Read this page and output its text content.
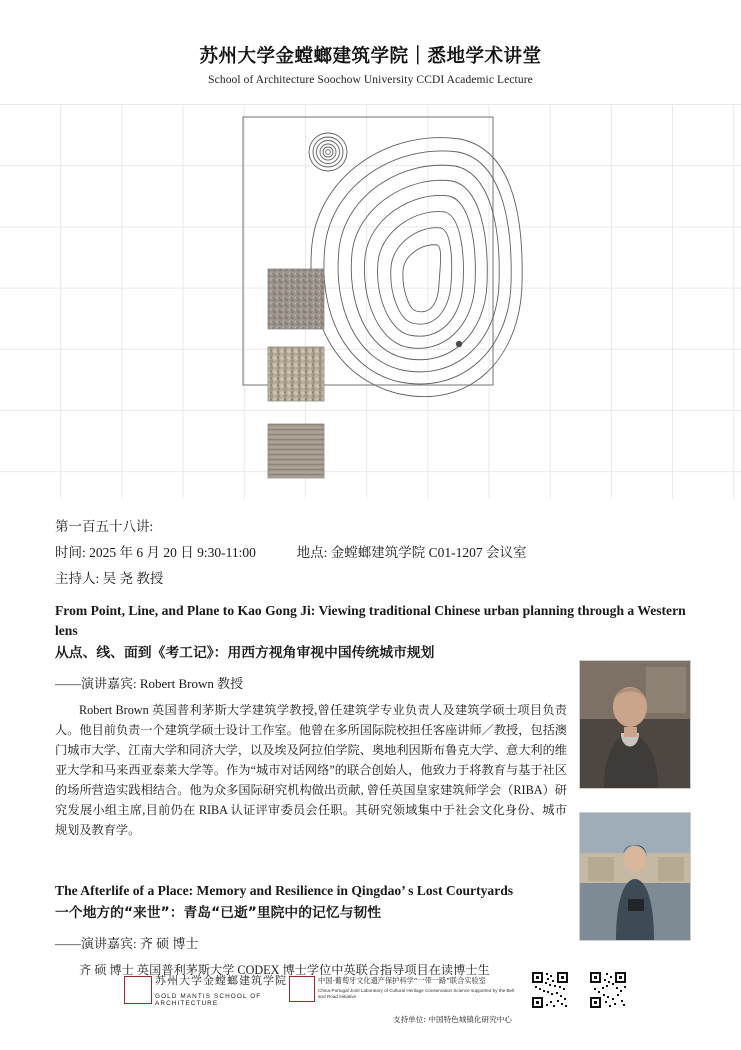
苏州大学金螳螂建筑学院｜悉地学术讲堂
School of Architecture Soochow University CCDI Academic Lecture
第一百五十八讲:
时间: 2025 年 6 月 20 日 9:30-11:00	地点: 金螳螂建筑学院 C01-1207 会议室
主持人: 吴 尧 教授
From Point, Line, and Plane to Kao Gong Ji: Viewing traditional Chinese urban planning through a Western lens
从点、线、面到《考工记》：用西方视角审视中国传统城市规划
——演讲嘉宾: Robert Brown 教授
Robert Brown 英国普利茅斯大学建筑学教授,曾任建筑学专业负责人及建筑学硕士项目负责人。他目前负责一个建筑学硕士设计工作室。他曾在多所国际院校担任客座讲师／教授，包括澳门城市大学、江南大学和同济大学，以及埃及阿拉伯学院、奥地利因斯布鲁克大学、意大利的维亚大学和马来西亚泰莱大学等。作为“城市对话网络”的联合创始人，他致力于将教育与基于社区的场所营造实践相结合。他为众多国际研究机构做出贡献, 曾任英国皇家建筑师学会（RIBA）研究发展小组主席,目前仍在 RIBA 认证评审委员会任职。其研究领域集中于社会文化身份、城市规划及教育学。
The Afterlife of a Place: Memory and Resilience in Qingdao’ s Lost Courtyards
一个地方的“来世”：青岛“已逝”里院中的记忆与韧性
——演讲嘉宾: 齐 硕 博士
齐 硕 博士 英国普利茅斯大学 CODEX 博士学位中英联合指导项目在读博士生
苏州大学金螳螂建筑学院
GOLD MANTIS SCHOOL OF ARCHITECTURE
中国·葡萄牙文化遗产保护科学“一带一路”联合实验室
China-Portugal Joint Laboratory of Cultural Heritage Conservation Science supported by the Belt and Road Initiative
支持单位: 中国特色城镇化研究中心
